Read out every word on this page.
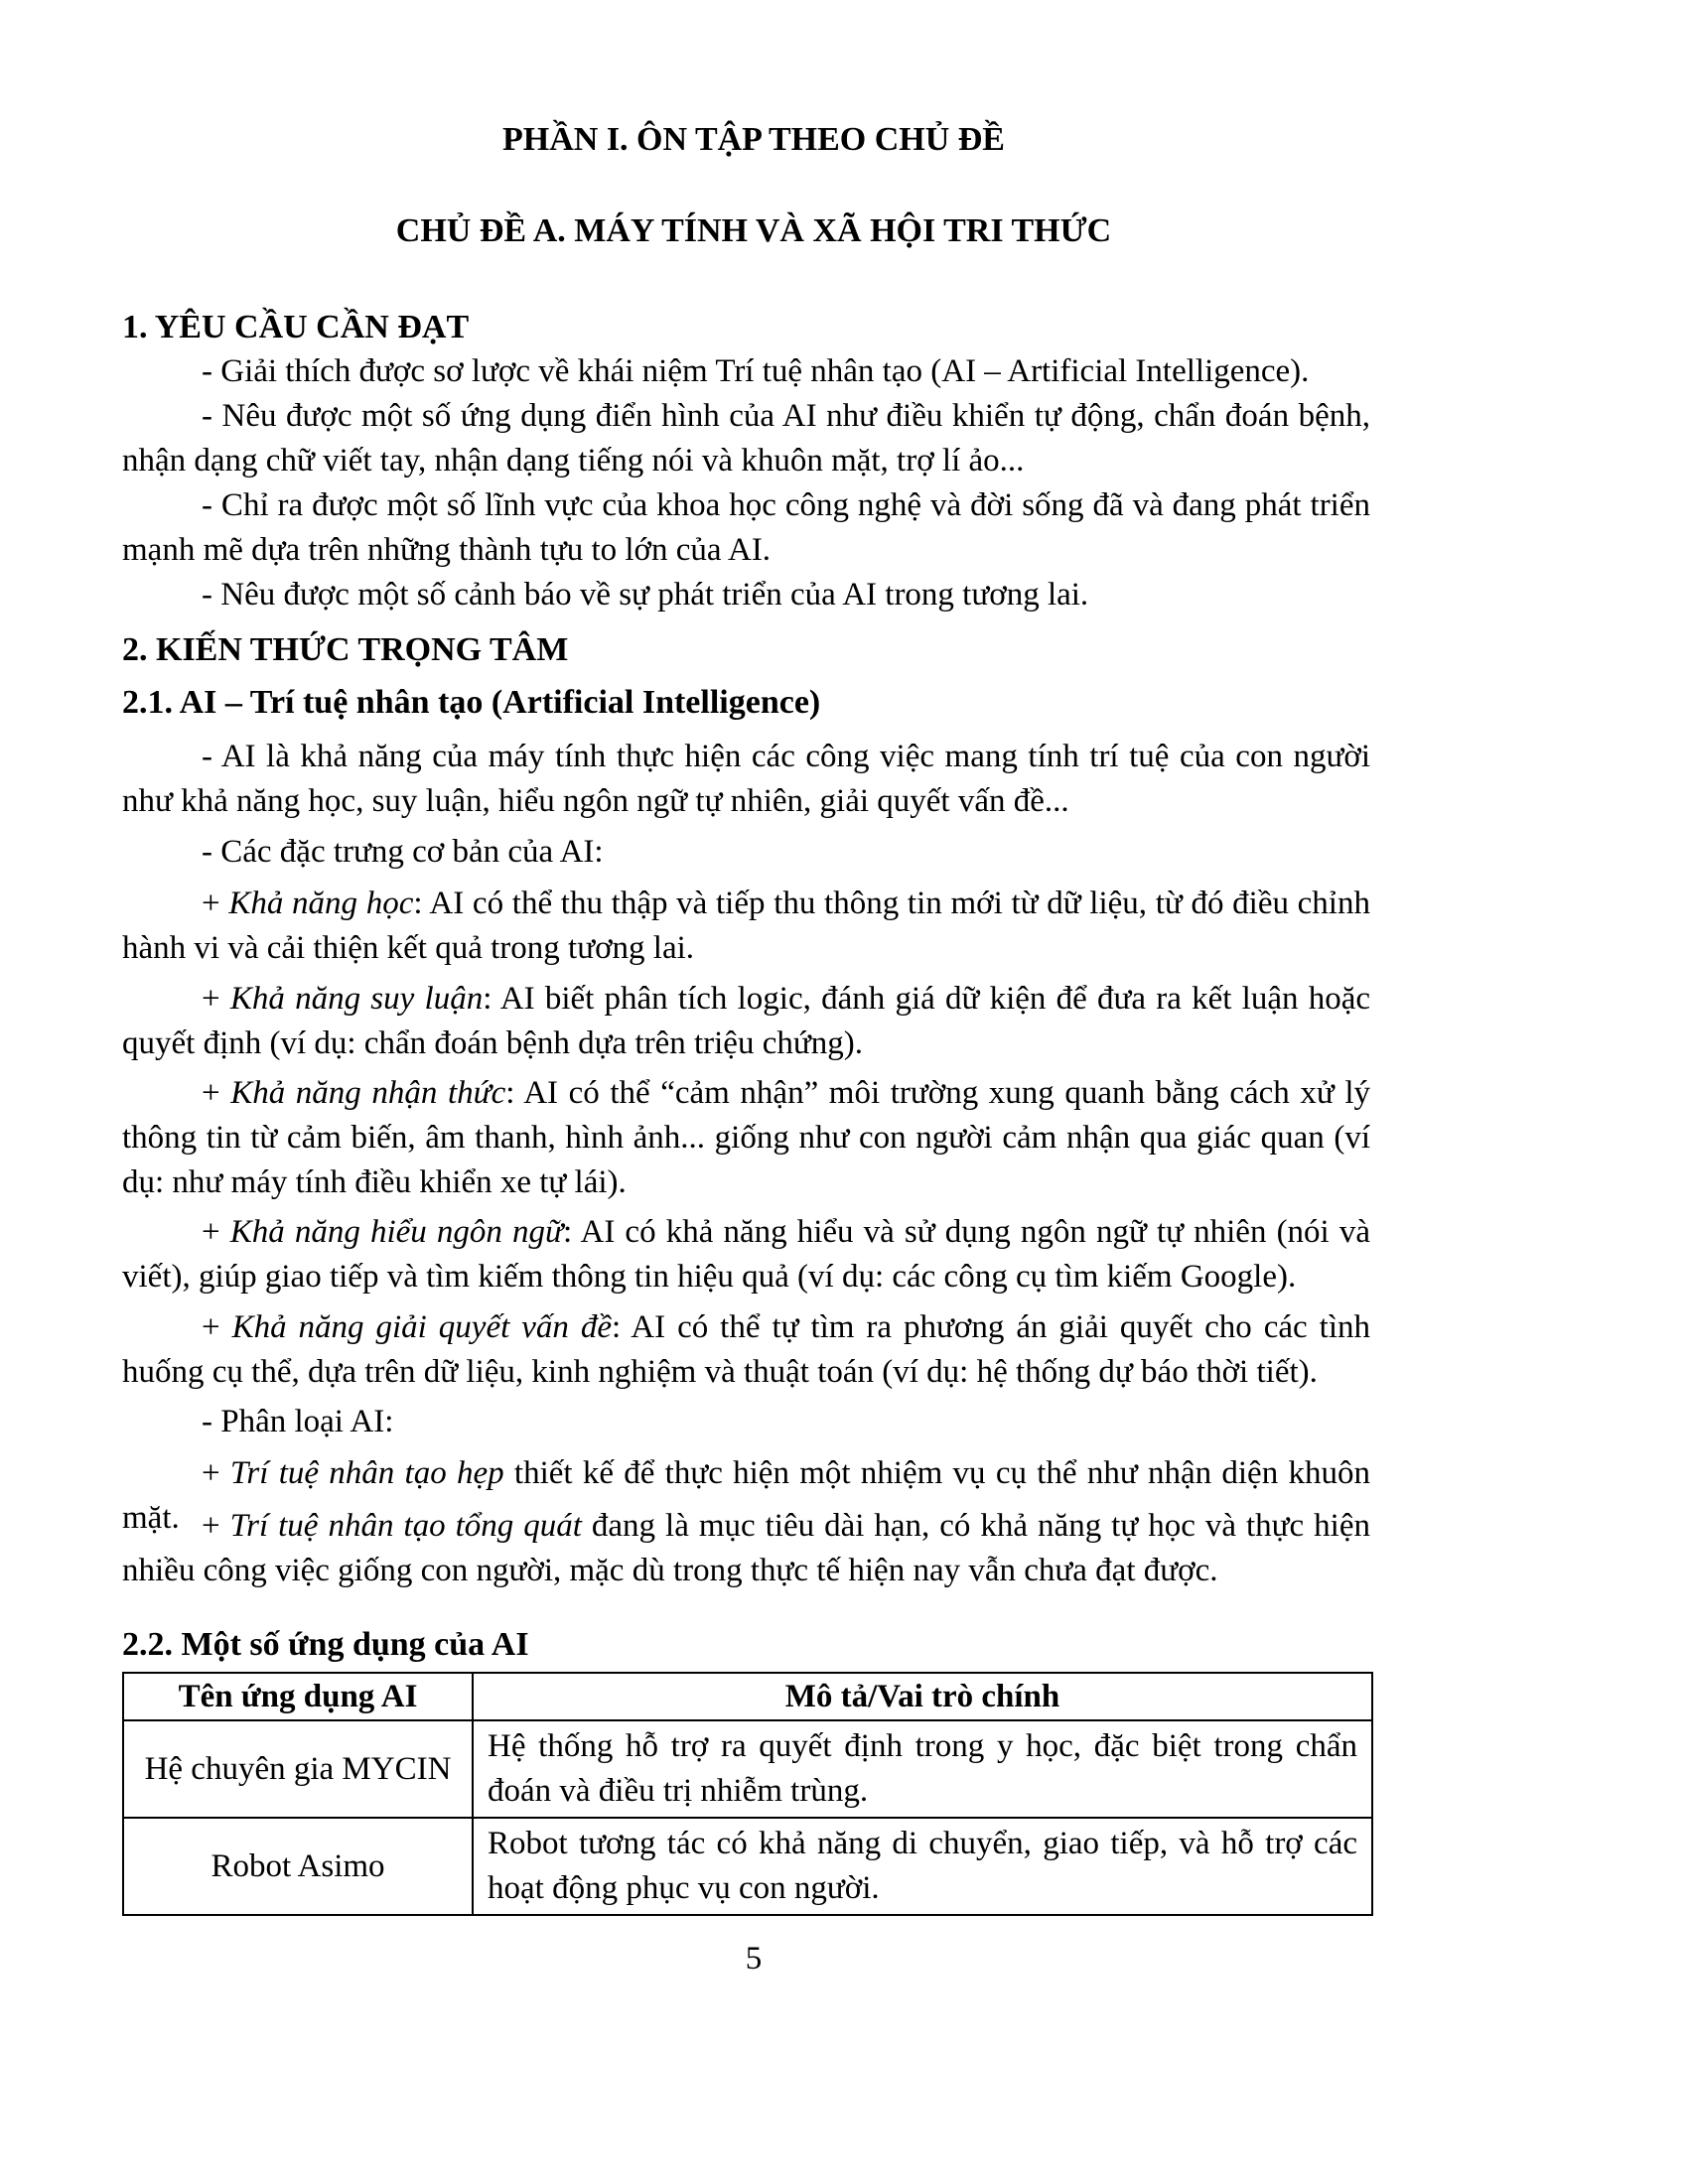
PHẦN I. ÔN TẬP THEO CHỦ ĐỀ
CHỦ ĐỀ A. MÁY TÍNH VÀ XÃ HỘI TRI THỨC
1. YÊU CẦU CẦN ĐẠT

- Giải thích được sơ lược về khái niệm Trí tuệ nhân tạo (AI – Artificial Intelligence).

- Nêu được một số ứng dụng điển hình của AI như điều khiển tự động, chẩn đoán bệnh, nhận dạng chữ viết tay, nhận dạng tiếng nói và khuôn mặt, trợ lí ảo...

- Chỉ ra được một số lĩnh vực của khoa học công nghệ và đời sống đã và đang phát triển mạnh mẽ dựa trên những thành tựu to lớn của AI.

- Nêu được một số cảnh báo về sự phát triển của AI trong tương lai.

2. KIẾN THỨC TRỌNG TÂM
2.1. AI – Trí tuệ nhân tạo (Artificial Intelligence)

- AI là khả năng của máy tính thực hiện các công việc mang tính trí tuệ của con người như khả năng học, suy luận, hiểu ngôn ngữ tự nhiên, giải quyết vấn đề...

- Các đặc trưng cơ bản của AI:

+ Khả năng học: AI có thể thu thập và tiếp thu thông tin mới từ dữ liệu, từ đó điều chỉnh hành vi và cải thiện kết quả trong tương lai.

+ Khả năng suy luận: AI biết phân tích logic, đánh giá dữ kiện để đưa ra kết luận hoặc quyết định (ví dụ: chẩn đoán bệnh dựa trên triệu chứng).

+ Khả năng nhận thức: AI có thể “cảm nhận” môi trường xung quanh bằng cách xử lý thông tin từ cảm biến, âm thanh, hình ảnh... giống như con người cảm nhận qua giác quan (ví dụ: như máy tính điều khiển xe tự lái).

+ Khả năng hiểu ngôn ngữ: AI có khả năng hiểu và sử dụng ngôn ngữ tự nhiên (nói và viết), giúp giao tiếp và tìm kiếm thông tin hiệu quả (ví dụ: các công cụ tìm kiếm Google).

+ Khả năng giải quyết vấn đề: AI có thể tự tìm ra phương án giải quyết cho các tình huống cụ thể, dựa trên dữ liệu, kinh nghiệm và thuật toán (ví dụ: hệ thống dự báo thời tiết).

- Phân loại AI:

+ Trí tuệ nhân tạo hẹp thiết kế để thực hiện một nhiệm vụ cụ thể như nhận diện khuôn mặt. + Trí tuệ nhân tạo tổng quát đang là mục tiêu dài hạn, có khả năng tự học và thực hiện nhiều công việc giống con người, mặc dù trong thực tế hiện nay vẫn chưa đạt được.

2.2. Một số ứng dụng của AI
Tên ứng dụng AI	Mô tả/Vai trò chính
Hệ chuyên gia MYCIN	Hệ thống hỗ trợ ra quyết định trong y học, đặc biệt trong chẩn đoán và điều trị nhiễm trùng.
Robot Asimo	Robot tương tác có khả năng di chuyển, giao tiếp, và hỗ trợ các hoạt động phục vụ con người.
5
